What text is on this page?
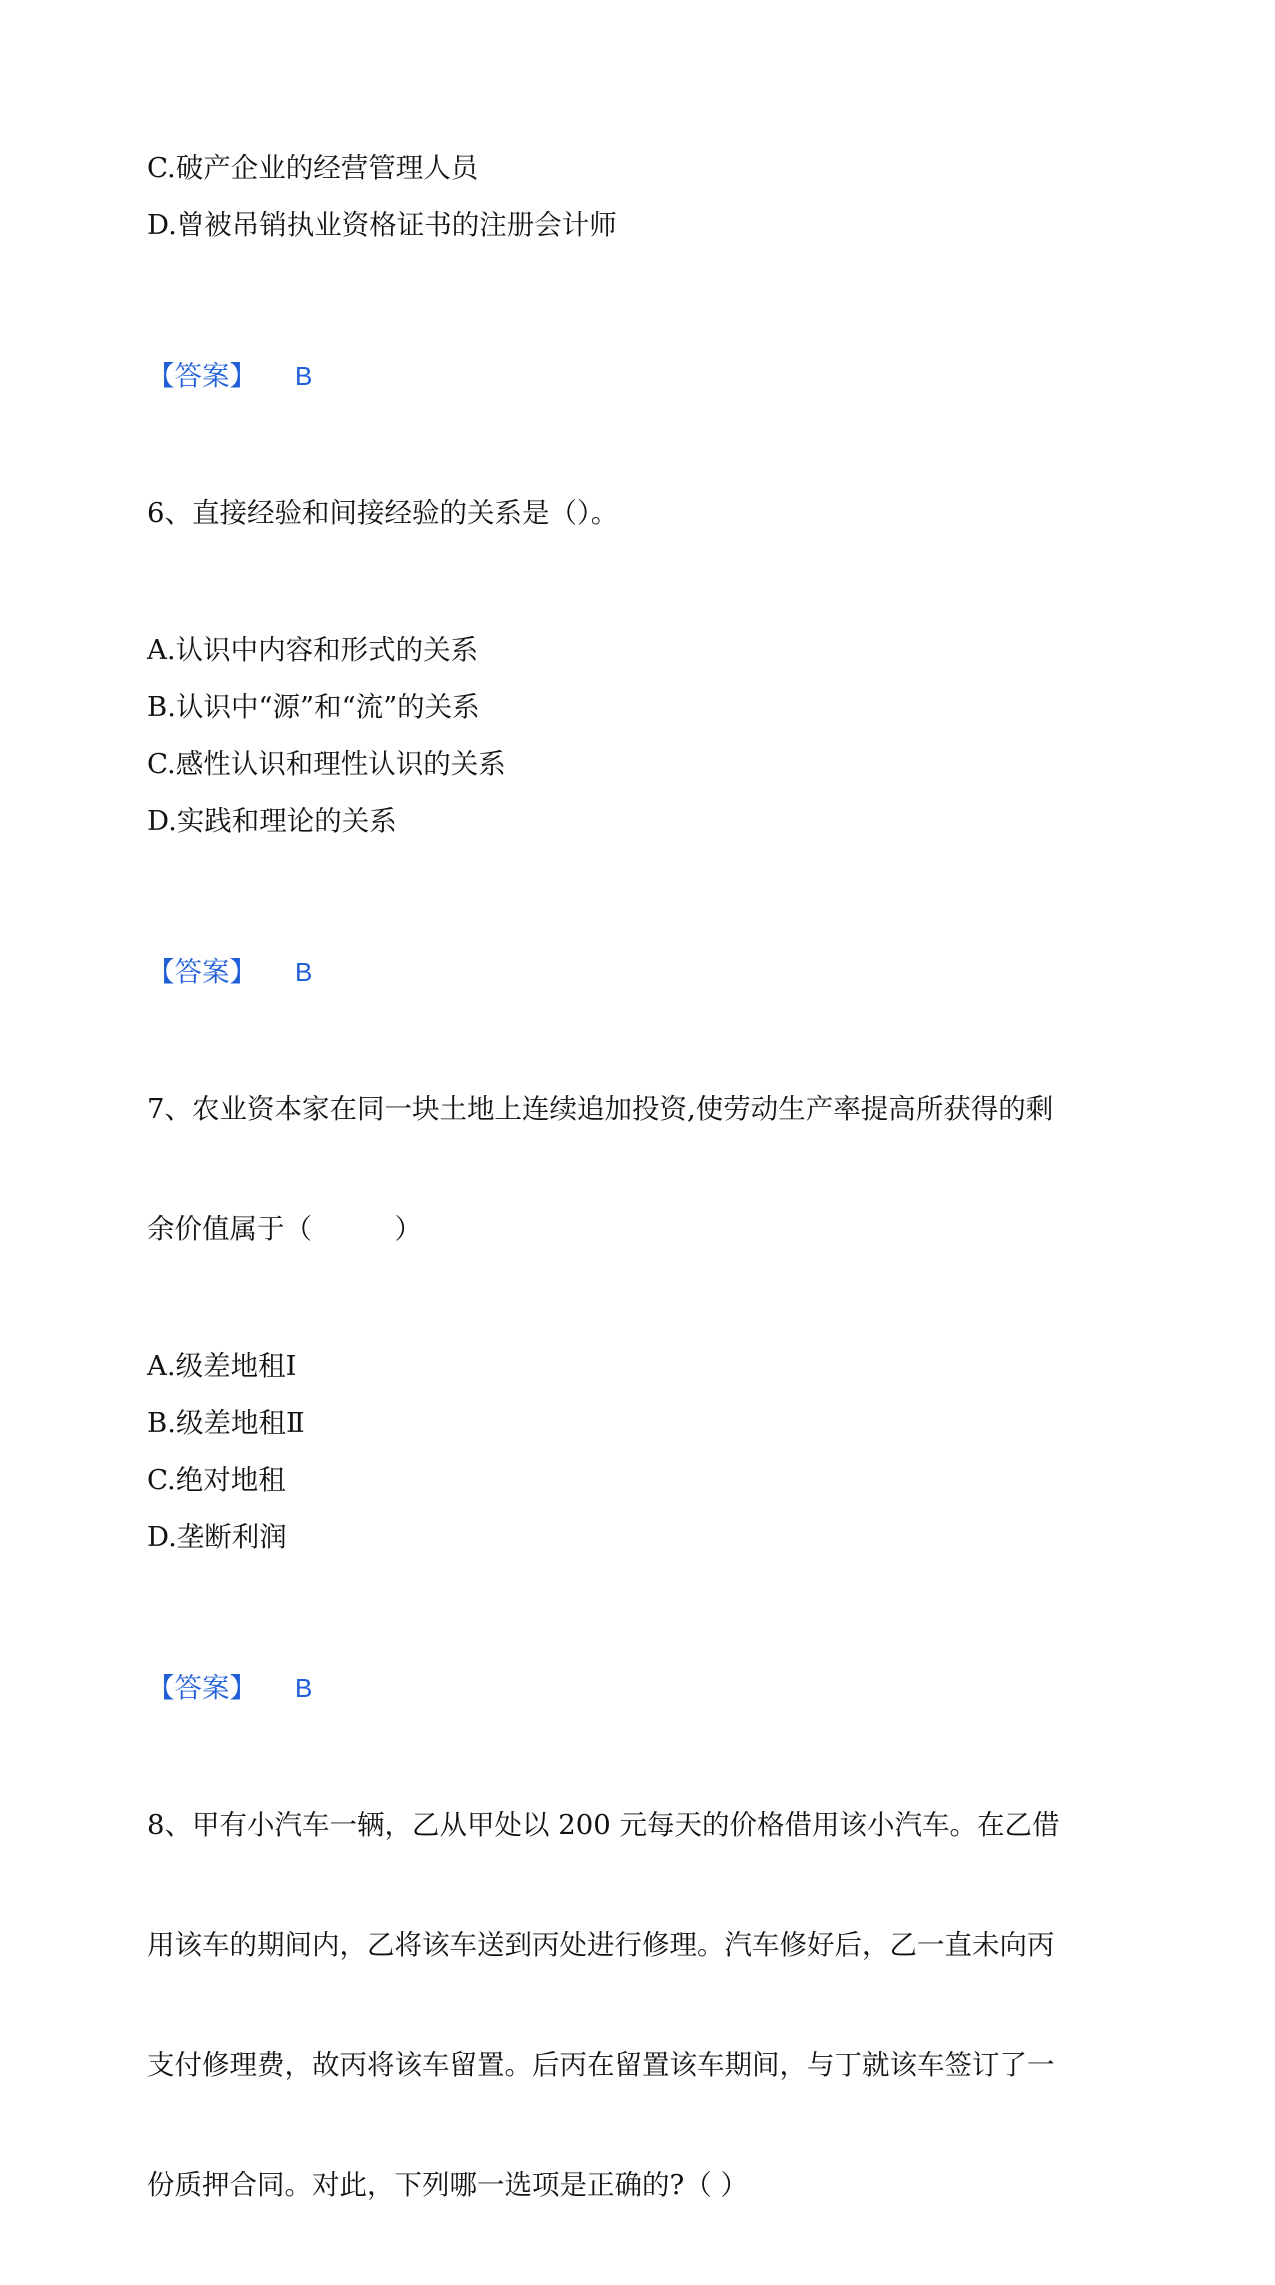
C.破产企业的经营管理人员
D.曾被吊销执业资格证书的注册会计师
【答案】 B

6、直接经验和间接经验的关系是（）。

A.认识中内容和形式的关系
B.认识中“源”和“流”的关系
C.感性认识和理性认识的关系
D.实践和理论的关系
【答案】 B

7、农业资本家在同一块土地上连续追加投资,使劳动生产率提高所获得的剩

余价值属于（　　　）

A.级差地租Ⅰ
B.级差地租Ⅱ
C.绝对地租
D.垄断利润
【答案】 B

8、甲有小汽车一辆，乙从甲处以 200 元每天的价格借用该小汽车。在乙借

用该车的期间内，乙将该车送到丙处进行修理。汽车修好后，乙一直未向丙

支付修理费，故丙将该车留置。后丙在留置该车期间，与丁就该车签订了一

份质押合同。对此，下列哪一选项是正确的?（ ）
